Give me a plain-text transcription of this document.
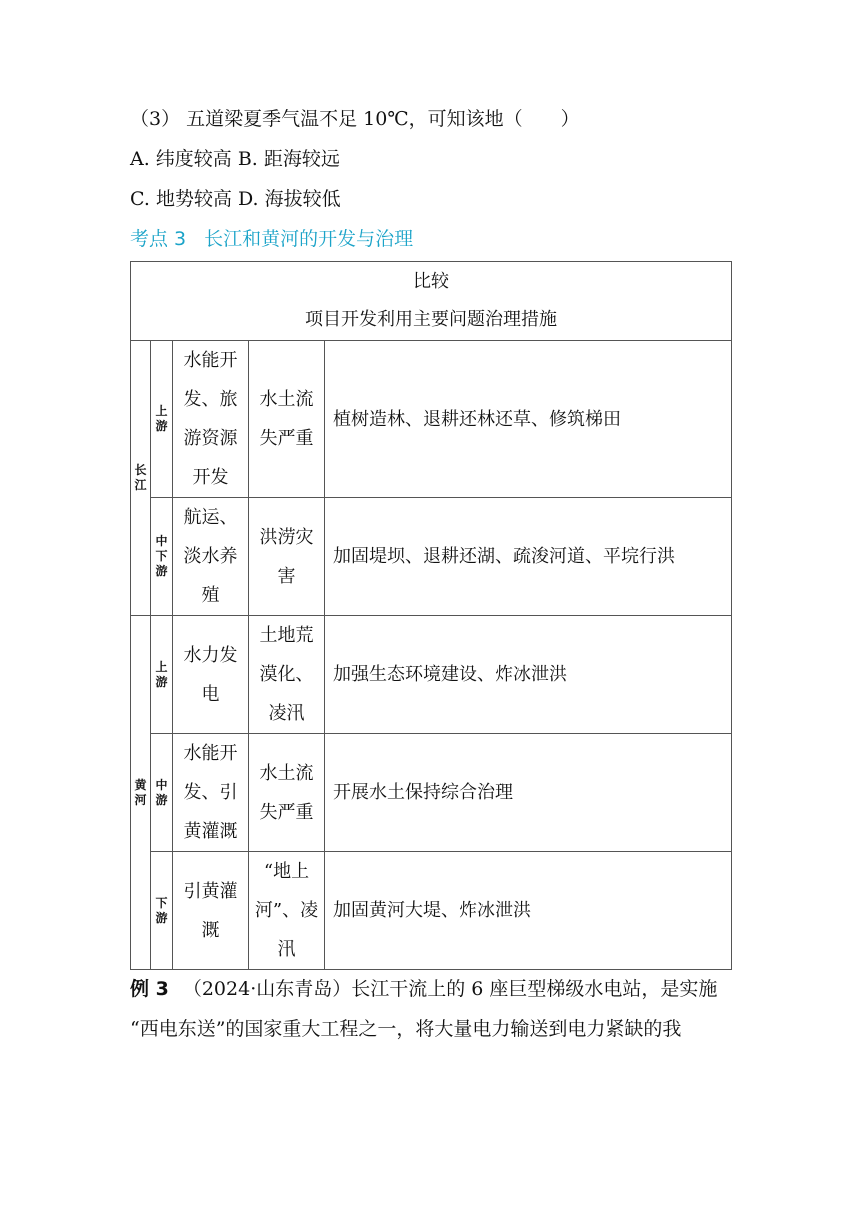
（3） 五道梁夏季气温不足 10℃，可知该地（　　）
A. 纬度较高 B. 距海较远
C. 地势较高 D. 海拔较低
考点 3 长江和黄河的开发与治理
比较
项目开发利用主要问题治理措施				

长江	上游	水能开发、旅游资源开发	水土流失严重	植树造林、退耕还林还草、修筑梯田
	中下游	航运、淡水养殖	洪涝灾害	加固堤坝、退耕还湖、疏浚河道、平垸行洪
黄河	上游	水力发电	土地荒漠化、凌汛	加强生态环境建设、炸冰泄洪
	中游	水能开发、引黄灌溉	水土流失严重	开展水土保持综合治理
	下游	引黄灌溉	“地上河”、凌汛	加固黄河大堤、炸冰泄洪
例 3 （2024·山东青岛）长江干流上的 6 座巨型梯级水电站，是实施
“西电东送”的国家重大工程之一，将大量电力输送到电力紧缺的我
